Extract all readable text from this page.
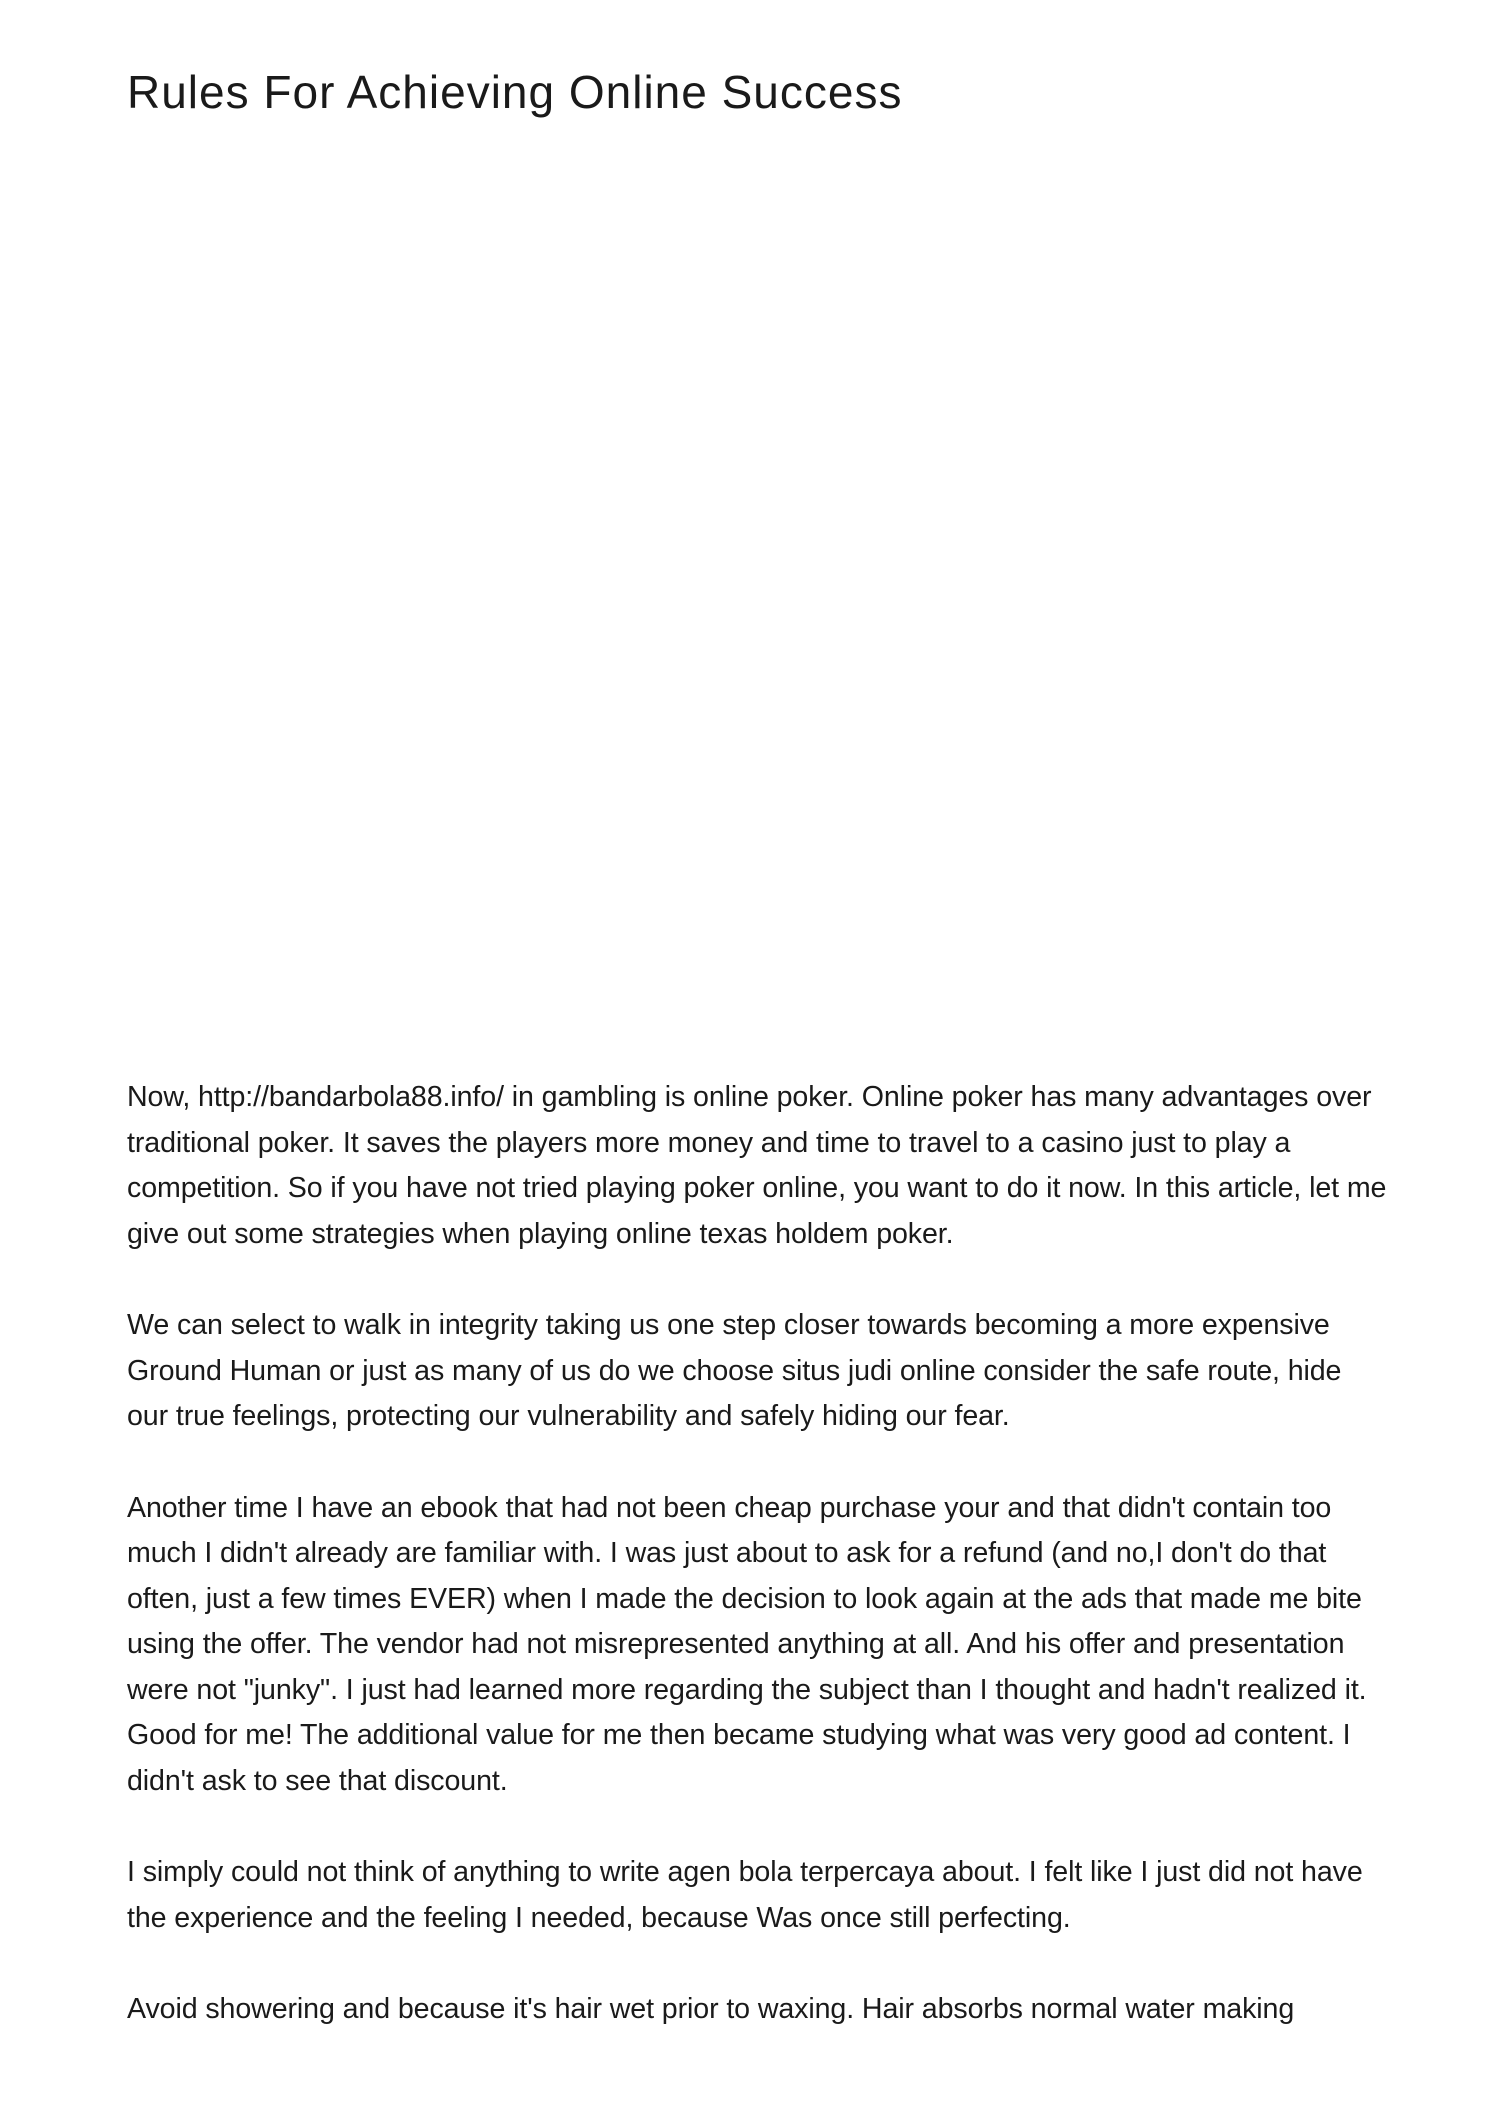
Rules For Achieving Online Success

Now, http://bandarbola88.info/ in gambling is online poker. Online poker has many advantages over traditional poker. It saves the players more money and time to travel to a casino just to play a competition. So if you have not tried playing poker online, you want to do it now. In this article, let me give out some strategies when playing online texas holdem poker.

We can select to walk in integrity taking us one step closer towards becoming a more expensive Ground Human or just as many of us do we choose situs judi online consider the safe route, hide our true feelings, protecting our vulnerability and safely hiding our fear.

Another time I have an ebook that had not been cheap purchase your and that didn't contain too much I didn't already are familiar with. I was just about to ask for a refund (and no,I don't do that often, just a few times EVER) when I made the decision to look again at the ads that made me bite using the offer. The vendor had not misrepresented anything at all. And his offer and presentation were not "junky". I just had learned more regarding the subject than I thought and hadn't realized it. Good for me! The additional value for me then became studying what was very good ad content. I didn't ask to see that discount.

I simply could not think of anything to write agen bola terpercaya about. I felt like I just did not have the experience and the feeling I needed, because Was once still perfecting.

Avoid showering and because it's hair wet prior to waxing. Hair absorbs normal water making
